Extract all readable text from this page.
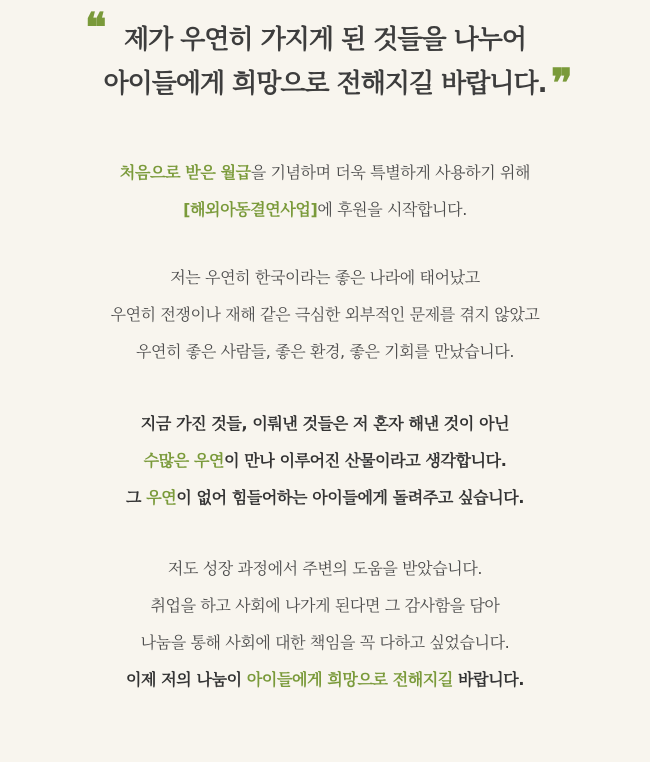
제가 우연히 가지게 된 것들을 나누어
아이들에게 희망으로 전해지길 바랍니다.
❝
❞
처음으로 받은 월급을 기념하며 더욱 특별하게 사용하기 위해
[해외아동결연사업]에 후원을 시작합니다.
저는 우연히 한국이라는 좋은 나라에 태어났고
우연히 전쟁이나 재해 같은 극심한 외부적인 문제를 겪지 않았고
우연히 좋은 사람들, 좋은 환경, 좋은 기회를 만났습니다.
지금 가진 것들, 이뤄낸 것들은 저 혼자 해낸 것이 아닌
수많은 우연이 만나 이루어진 산물이라고 생각합니다.
그 우연이 없어 힘들어하는 아이들에게 돌려주고 싶습니다.
저도 성장 과정에서 주변의 도움을 받았습니다.
취업을 하고 사회에 나가게 된다면 그 감사함을 담아
나눔을 통해 사회에 대한 책임을 꼭 다하고 싶었습니다.
이제 저의 나눔이 아이들에게 희망으로 전해지길 바랍니다.
